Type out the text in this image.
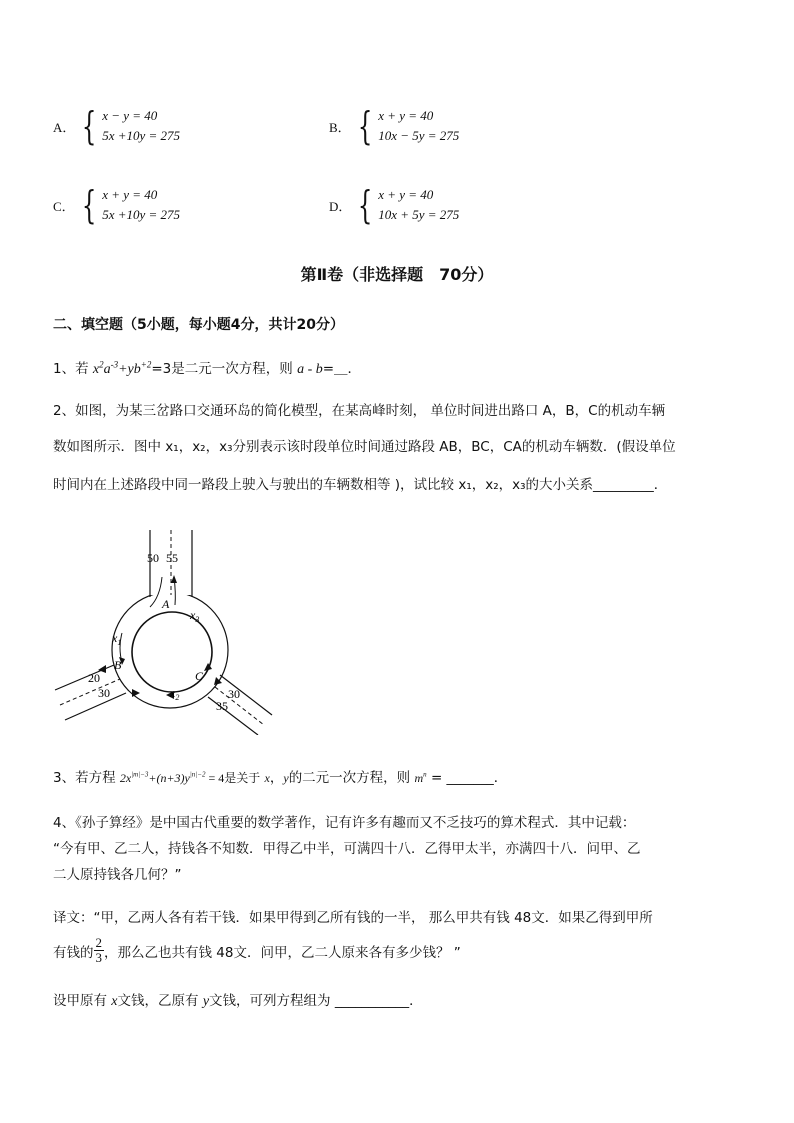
A． { x − y = 40
5x +10y = 275
B． { x + y = 40
10x − 5y = 275
C． { x + y = 40
5x +10y = 275
D． { x + y = 40
10x + 5y = 275
第Ⅱ卷（非选择题　70分）
二、填空题（5小题，每小题4分，共计20分）
1、若 $x^2a^{-3}+yb^{+2}=3$是二元一次方程，则 a - b=＿．
2、如图，为某三岔路口交通环岛的简化模型，在某高峰时刻， 单位时间进出路口 A，B，C的机动车辆
数如图所示．图中 x₁，x₂，x₃分别表示该时段单位时间通过路段 AB，BC，CA的机动车辆数．(假设单位
时间内在上述路段中同一路段上驶入与驶出的车辆数相等 )，试比较 x₁，x₂，x₃的大小关系_________．
50 55
A
$x_3$
$x_1$
B
20
30	$x_2$
C
30
35
3、若方程 $2x^{|m|-3}+(n+3)y^{|n|-2} = 4$是关于 x，y的二元一次方程，则 $m^n$ = _______．
4、《孙子算经》是中国古代重要的数学著作，记有许多有趣而又不乏技巧的算术程式．其中记载：
“今有甲、乙二人，持钱各不知数．甲得乙中半，可满四十八．乙得甲太半，亦满四十八．问甲、乙
二人原持钱各几何？”
译文：“甲，乙两人各有若干钱．如果甲得到乙所有钱的一半， 那么甲共有钱 48文．如果乙得到甲所
有钱的 $\frac{2}{3}$ ，那么乙也共有钱 48文．问甲，乙二人原来各有多少钱？ ”
设甲原有 x文钱，乙原有 y文钱，可列方程组为 ___________．
